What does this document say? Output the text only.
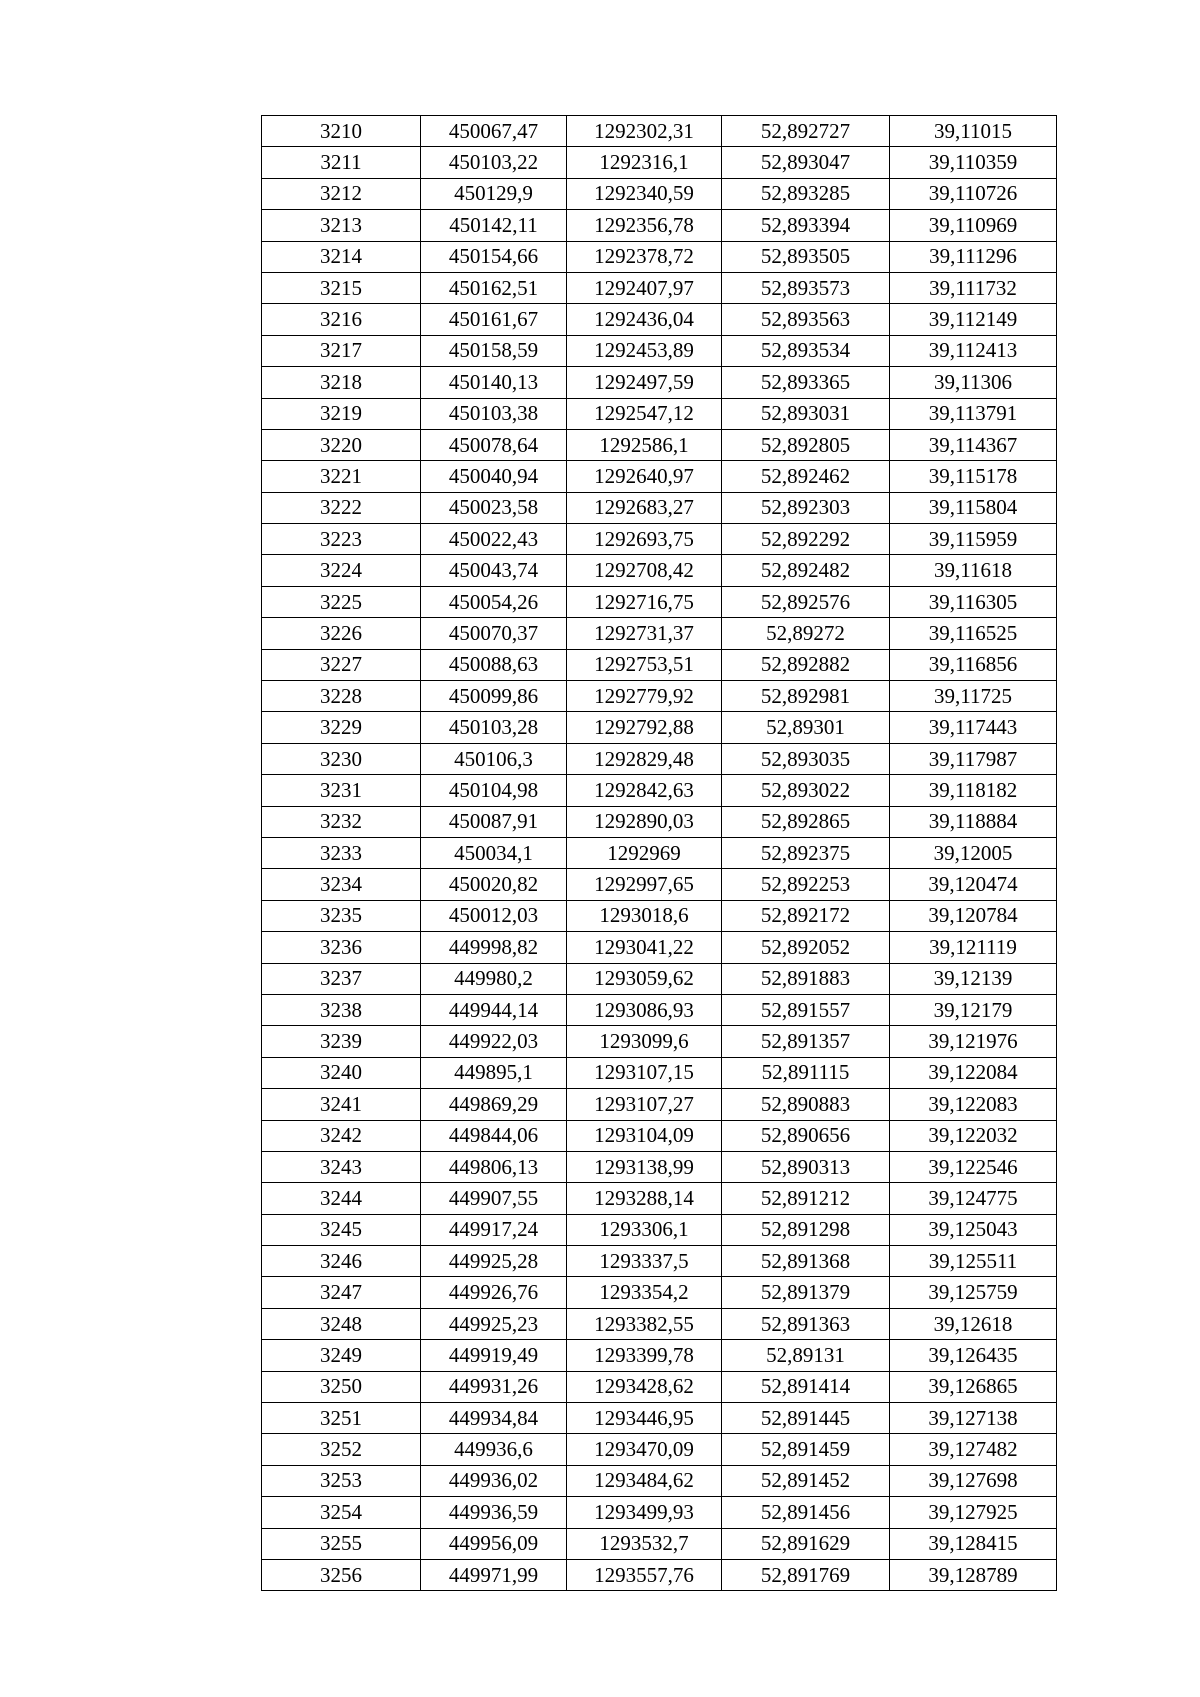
3210	450067,47	1292302,31	52,892727	39,11015
3211	450103,22	1292316,1	52,893047	39,110359
3212	450129,9	1292340,59	52,893285	39,110726
3213	450142,11	1292356,78	52,893394	39,110969
3214	450154,66	1292378,72	52,893505	39,111296
3215	450162,51	1292407,97	52,893573	39,111732
3216	450161,67	1292436,04	52,893563	39,112149
3217	450158,59	1292453,89	52,893534	39,112413
3218	450140,13	1292497,59	52,893365	39,11306
3219	450103,38	1292547,12	52,893031	39,113791
3220	450078,64	1292586,1	52,892805	39,114367
3221	450040,94	1292640,97	52,892462	39,115178
3222	450023,58	1292683,27	52,892303	39,115804
3223	450022,43	1292693,75	52,892292	39,115959
3224	450043,74	1292708,42	52,892482	39,11618
3225	450054,26	1292716,75	52,892576	39,116305
3226	450070,37	1292731,37	52,89272	39,116525
3227	450088,63	1292753,51	52,892882	39,116856
3228	450099,86	1292779,92	52,892981	39,11725
3229	450103,28	1292792,88	52,89301	39,117443
3230	450106,3	1292829,48	52,893035	39,117987
3231	450104,98	1292842,63	52,893022	39,118182
3232	450087,91	1292890,03	52,892865	39,118884
3233	450034,1	1292969	52,892375	39,12005
3234	450020,82	1292997,65	52,892253	39,120474
3235	450012,03	1293018,6	52,892172	39,120784
3236	449998,82	1293041,22	52,892052	39,121119
3237	449980,2	1293059,62	52,891883	39,12139
3238	449944,14	1293086,93	52,891557	39,12179
3239	449922,03	1293099,6	52,891357	39,121976
3240	449895,1	1293107,15	52,891115	39,122084
3241	449869,29	1293107,27	52,890883	39,122083
3242	449844,06	1293104,09	52,890656	39,122032
3243	449806,13	1293138,99	52,890313	39,122546
3244	449907,55	1293288,14	52,891212	39,124775
3245	449917,24	1293306,1	52,891298	39,125043
3246	449925,28	1293337,5	52,891368	39,125511
3247	449926,76	1293354,2	52,891379	39,125759
3248	449925,23	1293382,55	52,891363	39,12618
3249	449919,49	1293399,78	52,89131	39,126435
3250	449931,26	1293428,62	52,891414	39,126865
3251	449934,84	1293446,95	52,891445	39,127138
3252	449936,6	1293470,09	52,891459	39,127482
3253	449936,02	1293484,62	52,891452	39,127698
3254	449936,59	1293499,93	52,891456	39,127925
3255	449956,09	1293532,7	52,891629	39,128415
3256	449971,99	1293557,76	52,891769	39,128789
